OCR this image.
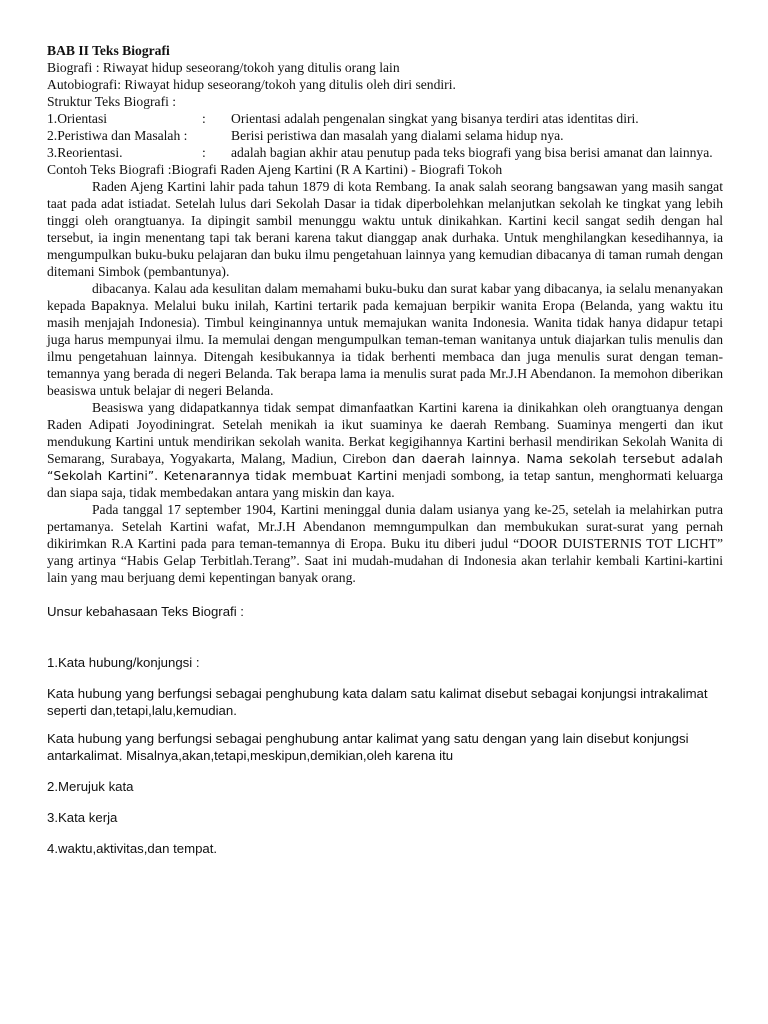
BAB II Teks Biografi
Biografi : Riwayat hidup seseorang/tokoh yang ditulis orang lain
Autobiografi: Riwayat hidup seseorang/tokoh yang ditulis oleh diri sendiri.
Struktur Teks Biografi :
1.Orientasi	:	Orientasi adalah pengenalan singkat yang bisanya terdiri atas identitas diri.
2.Peristiwa dan Masalah :	Berisi peristiwa dan masalah yang dialami selama hidup nya.
3.Reorientasi.	:	adalah bagian akhir atau penutup pada teks biografi yang bisa berisi amanat dan lainnya.
Contoh Teks Biografi :Biografi Raden Ajeng Kartini (R A Kartini) - Biografi Tokoh
Raden Ajeng Kartini lahir pada tahun 1879 di kota Rembang. Ia anak salah seorang bangsawan yang masih sangat taat pada adat istiadat. Setelah lulus dari Sekolah Dasar ia tidak diperbolehkan melanjutkan sekolah ke tingkat yang lebih tinggi oleh orangtuanya. Ia dipingit sambil menunggu waktu untuk dinikahkan. Kartini kecil sangat sedih dengan hal tersebut, ia ingin menentang tapi tak berani karena takut dianggap anak durhaka. Untuk menghilangkan kesedihannya, ia mengumpulkan buku-buku pelajaran dan buku ilmu pengetahuan lainnya yang kemudian dibacanya di taman rumah dengan ditemani Simbok (pembantunya).
dibacanya. Kalau ada kesulitan dalam memahami buku-buku dan surat kabar yang dibacanya, ia selalu menanyakan kepada Bapaknya. Melalui buku inilah, Kartini tertarik pada kemajuan berpikir wanita Eropa (Belanda, yang waktu itu masih menjajah Indonesia). Timbul keinginannya untuk memajukan wanita Indonesia. Wanita tidak hanya didapur tetapi juga harus mempunyai ilmu. Ia memulai dengan mengumpulkan teman-teman wanitanya untuk diajarkan tulis menulis dan ilmu pengetahuan lainnya. Ditengah kesibukannya ia tidak berhenti membaca dan juga menulis surat dengan teman-temannya yang berada di negeri Belanda. Tak berapa lama ia menulis surat pada Mr.J.H Abendanon. Ia memohon diberikan beasiswa untuk belajar di negeri Belanda.
Beasiswa yang didapatkannya tidak sempat dimanfaatkan Kartini karena ia dinikahkan oleh orangtuanya dengan Raden Adipati Joyodiningrat. Setelah menikah ia ikut suaminya ke daerah Rembang. Suaminya mengerti dan ikut mendukung Kartini untuk mendirikan sekolah wanita. Berkat kegigihannya Kartini berhasil mendirikan Sekolah Wanita di Semarang, Surabaya, Yogyakarta, Malang, Madiun, Cirebon dan daerah lainnya. Nama sekolah tersebut adalah “Sekolah Kartini”. Ketenarannya tidak membuat Kartini menjadi sombong, ia tetap santun, menghormati keluarga dan siapa saja, tidak membedakan antara yang miskin dan kaya.
Pada tanggal 17 september 1904, Kartini meninggal dunia dalam usianya yang ke-25, setelah ia melahirkan putra pertamanya. Setelah Kartini wafat, Mr.J.H Abendanon memngumpulkan dan membukukan surat-surat yang pernah dikirimkan R.A Kartini pada para teman-temannya di Eropa. Buku itu diberi judul “DOOR DUISTERNIS TOT LICHT” yang artinya “Habis Gelap Terbitlah.Terang”. Saat ini mudah-mudahan di Indonesia akan terlahir kembali Kartini-kartini lain yang mau berjuang demi kepentingan banyak orang.
Unsur kebahasaan Teks Biografi :
1.Kata hubung/konjungsi :
Kata hubung yang berfungsi sebagai penghubung kata dalam satu kalimat disebut sebagai konjungsi intrakalimat seperti dan,tetapi,lalu,kemudian.
Kata hubung yang berfungsi sebagai penghubung antar kalimat yang satu dengan yang lain disebut konjungsi antarkalimat. Misalnya,akan,tetapi,meskipun,demikian,oleh karena itu
2.Merujuk kata
3.Kata kerja
4.waktu,aktivitas,dan tempat.
